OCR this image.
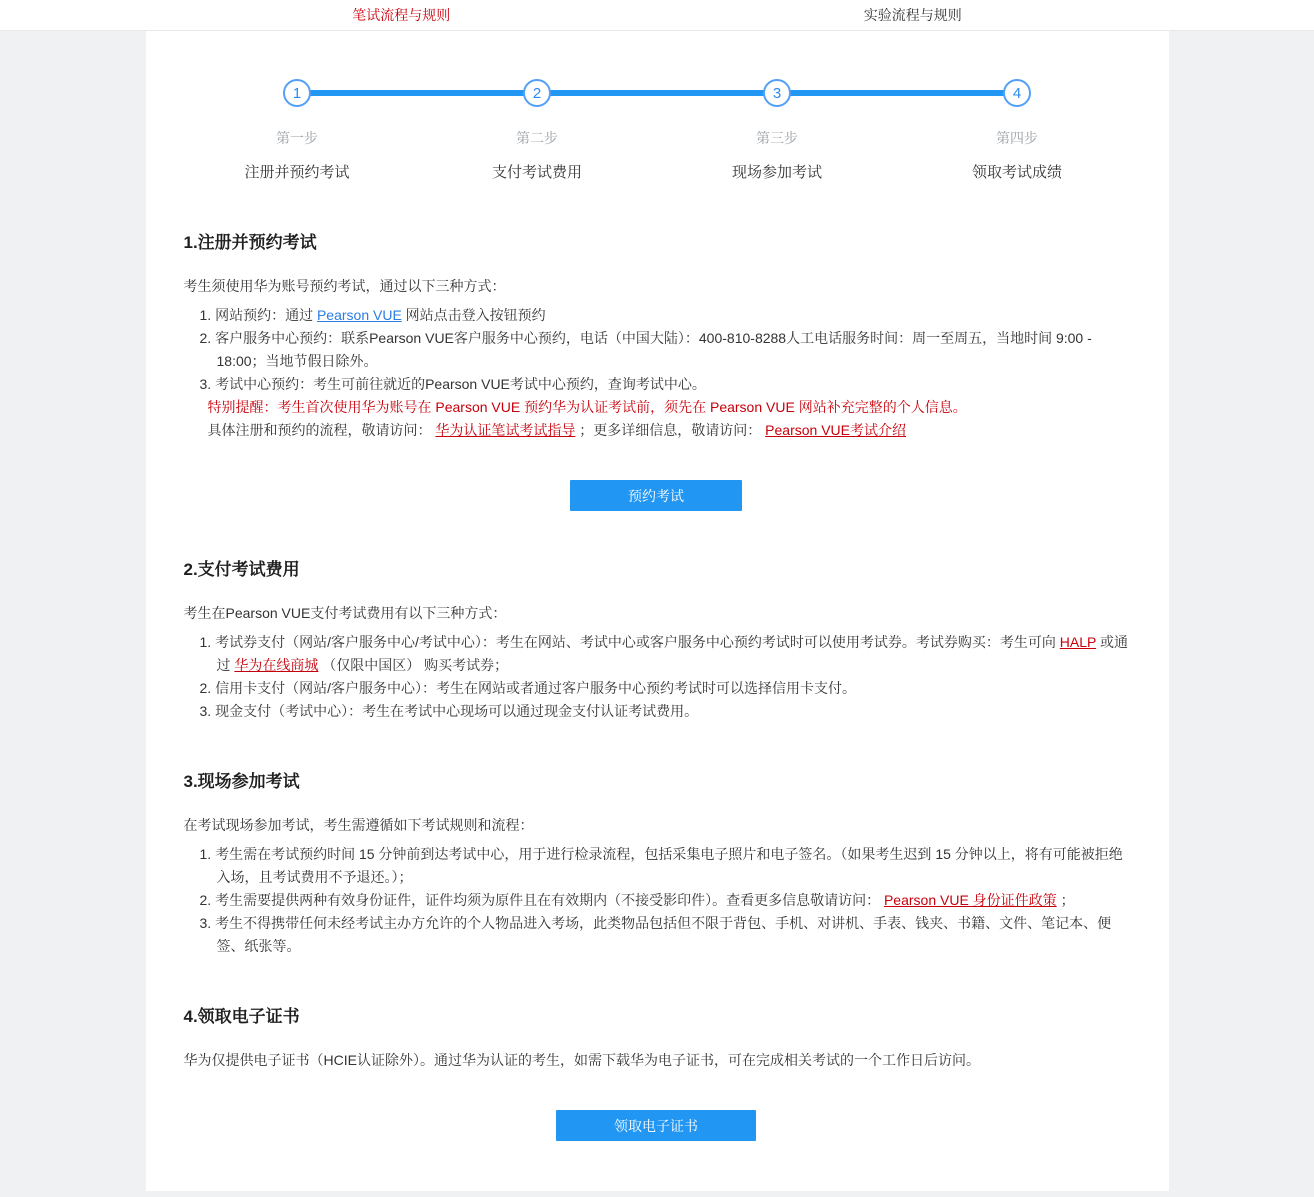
笔试流程与规则	实验流程与规则
1
第一步
注册并预约考试
2
第二步
支付考试费用
3
第三步
现场参加考试
4
第四步
领取考试成绩
1.注册并预约考试

考生须使用华为账号预约考试，通过以下三种方式：

1. 网站预约：通过 Pearson VUE 网站点击登入按钮预约
2. 客户服务中心预约：联系Pearson VUE客户服务中心预约，电话（中国大陆）：400-810-8288人工电话服务时间：周一至周五，当地时间 9:00 - 18:00；当地节假日除外。
3. 考试中心预约：考生可前往就近的Pearson VUE考试中心预约，查询考试中心。
特别提醒：考生首次使用华为账号在 Pearson VUE 预约华为认证考试前，须先在 Pearson VUE 网站补充完整的个人信息。
具体注册和预约的流程，敬请访问： 华为认证笔试考试指导 ；更多详细信息，敬请访问： Pearson VUE考试介绍
预约考试
2.支付考试费用

考生在Pearson VUE支付考试费用有以下三种方式：

1. 考试券支付（网站/客户服务中心/考试中心）：考生在网站、考试中心或客户服务中心预约考试时可以使用考试券。考试券购买：考生可向 HALP 或通过 华为在线商城 （仅限中国区） 购买考试券；
2. 信用卡支付（网站/客户服务中心）：考生在网站或者通过客户服务中心预约考试时可以选择信用卡支付。
3. 现金支付（考试中心）：考生在考试中心现场可以通过现金支付认证考试费用。
3.现场参加考试

在考试现场参加考试，考生需遵循如下考试规则和流程：

1. 考生需在考试预约时间 15 分钟前到达考试中心，用于进行检录流程，包括采集电子照片和电子签名。（如果考生迟到 15 分钟以上，将有可能被拒绝入场，且考试费用不予退还。）；
2. 考生需要提供两种有效身份证件，证件均须为原件且在有效期内（不接受影印件）。查看更多信息敬请访问： Pearson VUE 身份证件政策 ；
3. 考生不得携带任何未经考试主办方允许的个人物品进入考场，此类物品包括但不限于背包、手机、对讲机、手表、钱夹、书籍、文件、笔记本、便签、纸张等。
4.领取电子证书

华为仅提供电子证书（HCIE认证除外）。通过华为认证的考生，如需下载华为电子证书，可在完成相关考试的一个工作日后访问。

领取电子证书
